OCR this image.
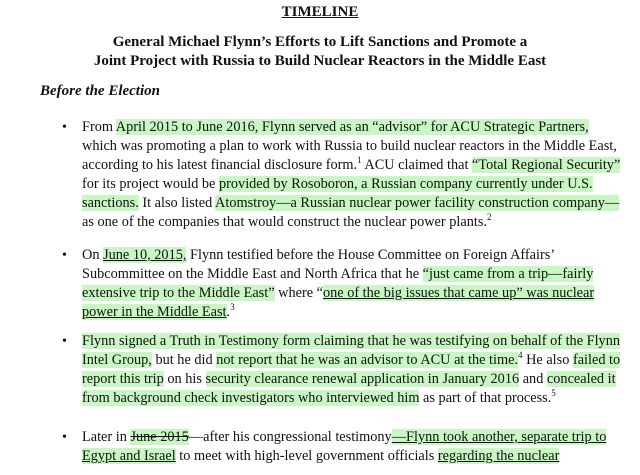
TIMELINE
General Michael Flynn’s Efforts to Lift Sanctions and Promote a
Joint Project with Russia to Build Nuclear Reactors in the Middle East
Before the Election
• From April 2015 to June 2016, Flynn served as an “advisor” for ACU Strategic Partners, which was promoting a plan to work with Russia to build nuclear reactors in the Middle East, according to his latest financial disclosure form.$^1$ ACU claimed that “Total Regional Security” for its project would be provided by Rosoboron, a Russian company currently under U.S. sanctions. It also listed Atomstroy—a Russian nuclear power facility construction company—as one of the companies that would construct the nuclear power plants.$^2$
• On June 10, 2015, Flynn testified before the House Committee on Foreign Affairs’ Subcommittee on the Middle East and North Africa that he “just came from a trip—fairly extensive trip to the Middle East” where “one of the big issues that came up” was nuclear power in the Middle East.$^3$
• Flynn signed a Truth in Testimony form claiming that he was testifying on behalf of the Flynn Intel Group, but he did not report that he was an advisor to ACU at the time.$^4$ He also failed to report this trip on his security clearance renewal application in January 2016 and concealed it from background check investigators who interviewed him as part of that process.$^5$
• Later in June 2015—after his congressional testimony—Flynn took another, separate trip to Egypt and Israel to meet with high-level government officials regarding the nuclear
